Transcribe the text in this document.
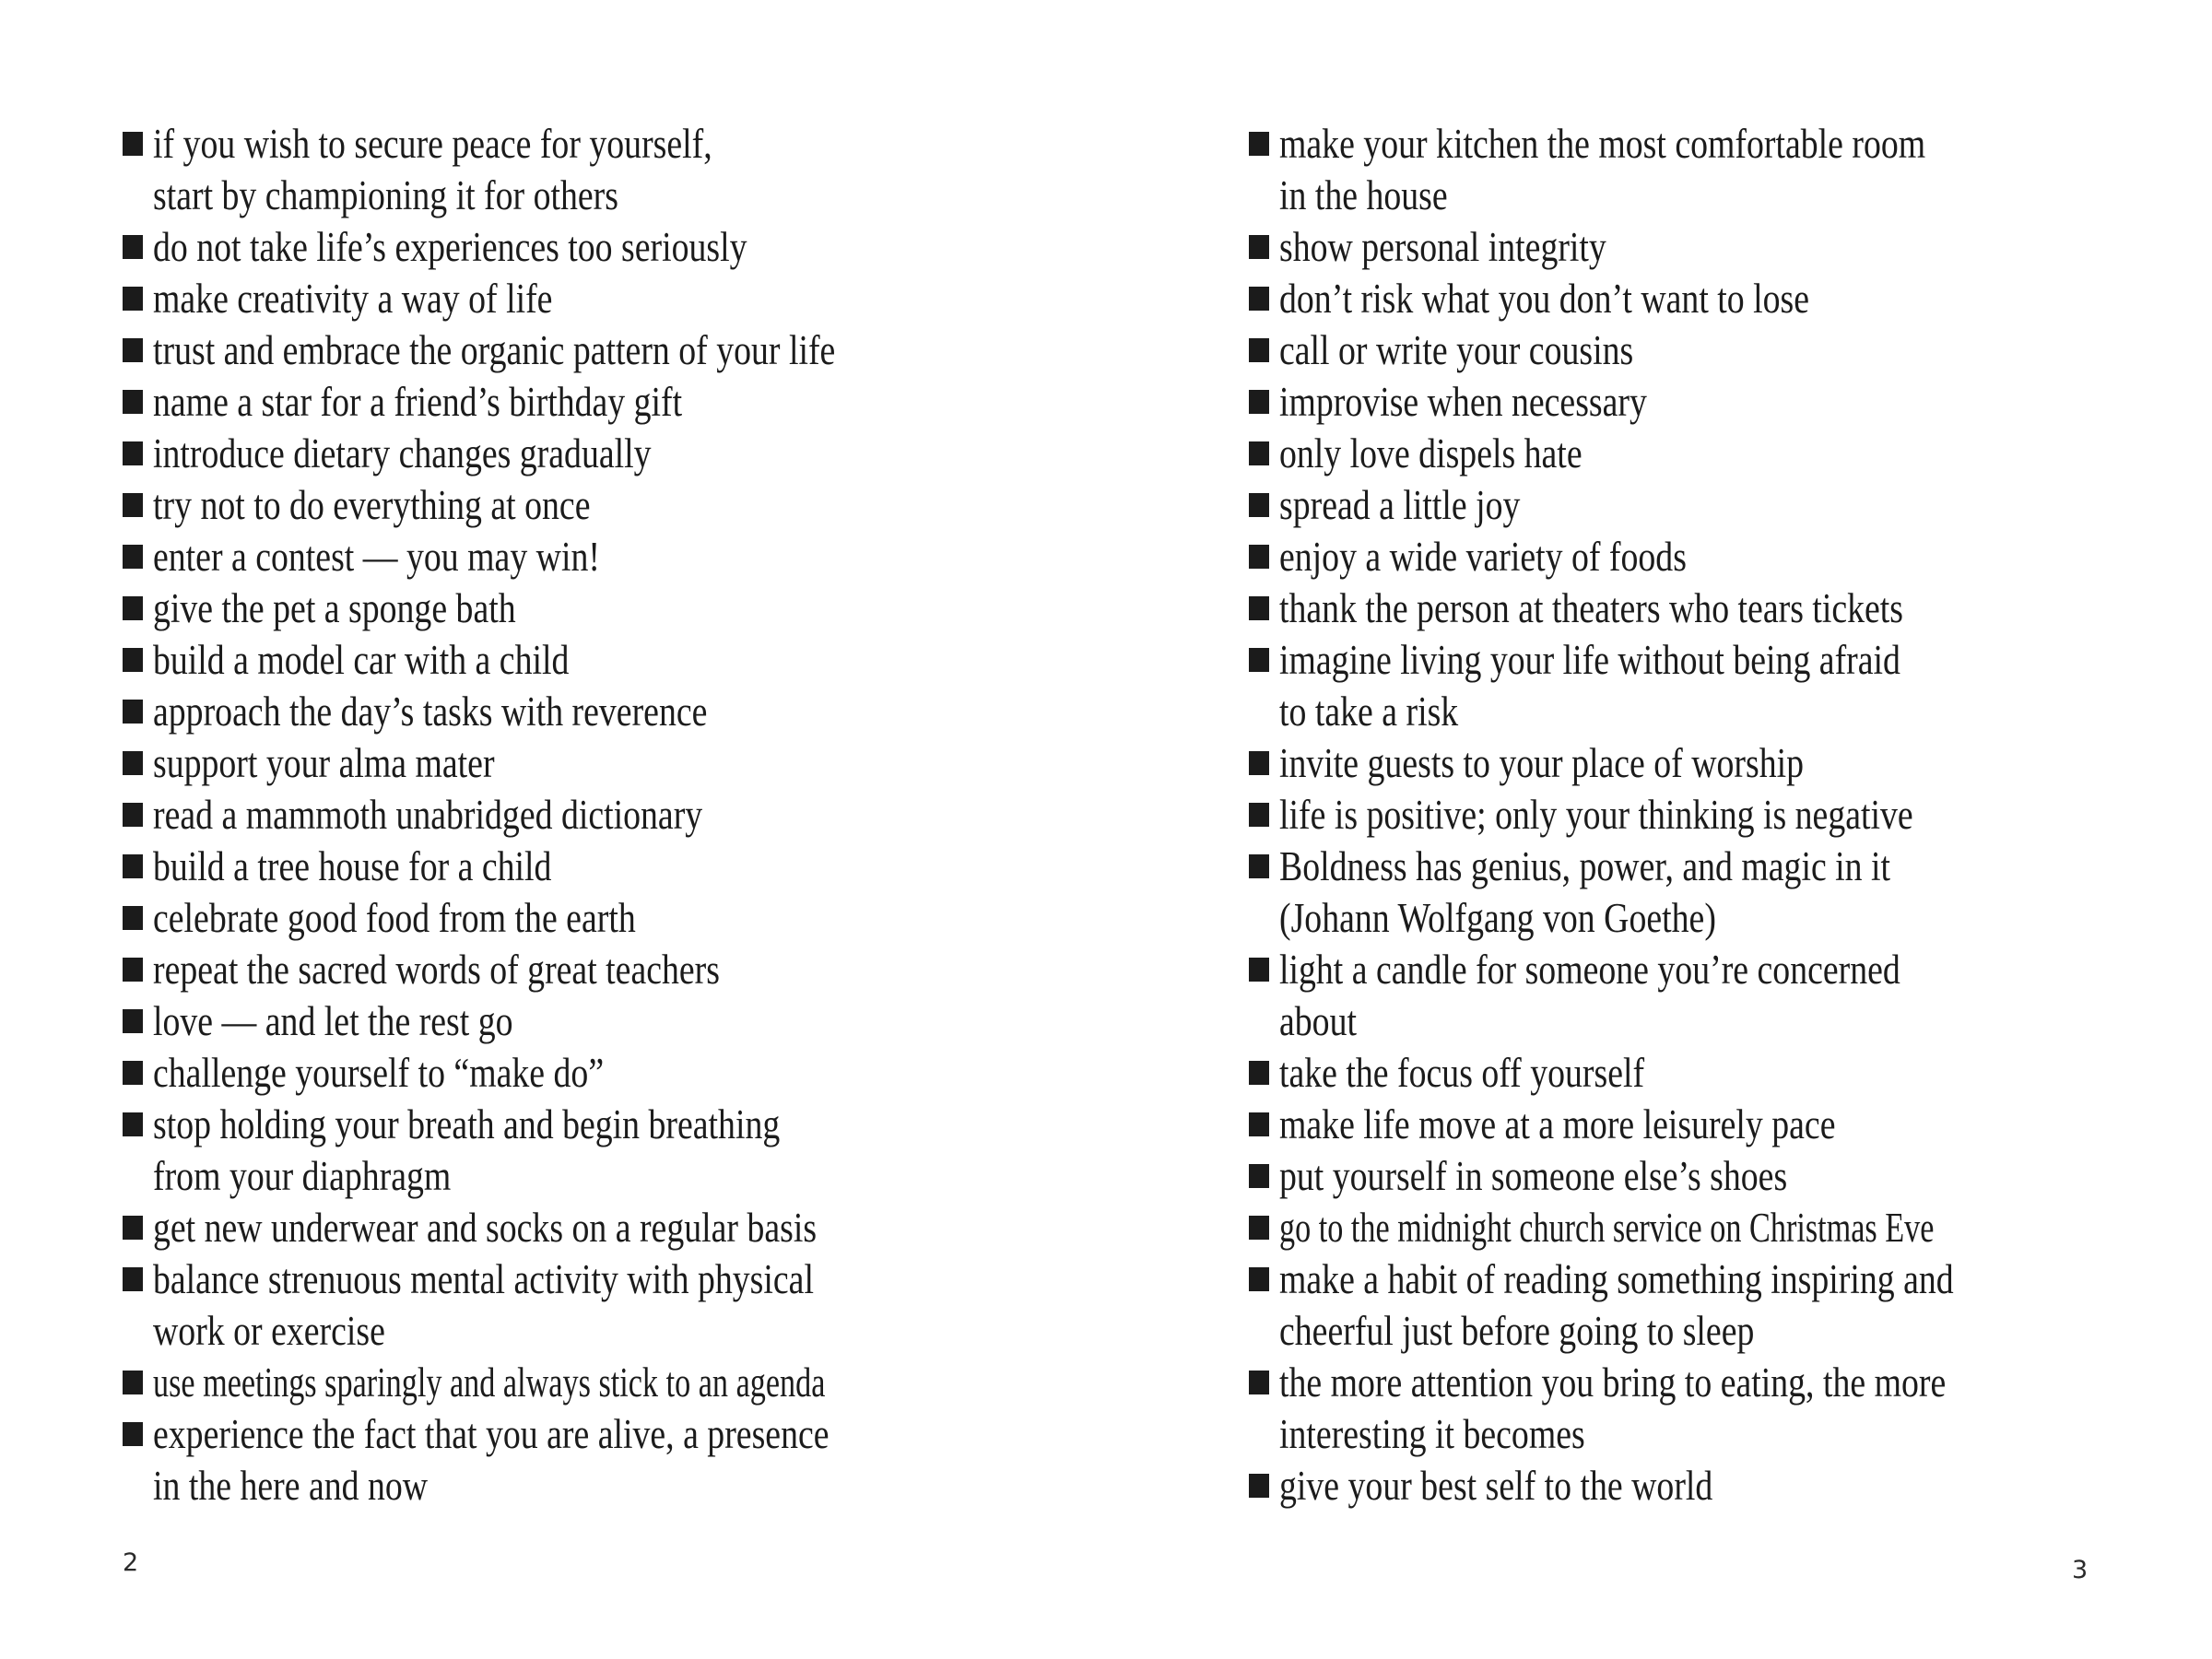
if you wish to secure peace for yourself,
start by championing it for others
do not take life’s experiences too seriously
make creativity a way of life
trust and embrace the organic pattern of your life
name a star for a friend’s birthday gift
introduce dietary changes gradually
try not to do everything at once
enter a contest — you may win!
give the pet a sponge bath
build a model car with a child
approach the day’s tasks with reverence
support your alma mater
read a mammoth unabridged dictionary
build a tree house for a child
celebrate good food from the earth
repeat the sacred words of great teachers
love — and let the rest go
challenge yourself to “make do”
stop holding your breath and begin breathing
from your diaphragm
get new underwear and socks on a regular basis
balance strenuous mental activity with physical
work or exercise
use meetings sparingly and always stick to an agenda
experience the fact that you are alive, a presence
in the here and now
2
make your kitchen the most comfortable room
in the house
show personal integrity
don’t risk what you don’t want to lose
call or write your cousins
improvise when necessary
only love dispels hate
spread a little joy
enjoy a wide variety of foods
thank the person at theaters who tears tickets
imagine living your life without being afraid
to take a risk
invite guests to your place of worship
life is positive; only your thinking is negative
Boldness has genius, power, and magic in it
(Johann Wolfgang von Goethe)
light a candle for someone you’re concerned
about
take the focus off yourself
make life move at a more leisurely pace
put yourself in someone else’s shoes
go to the midnight church service on Christmas Eve
make a habit of reading something inspiring and
cheerful just before going to sleep
the more attention you bring to eating, the more
interesting it becomes
give your best self to the world
3
